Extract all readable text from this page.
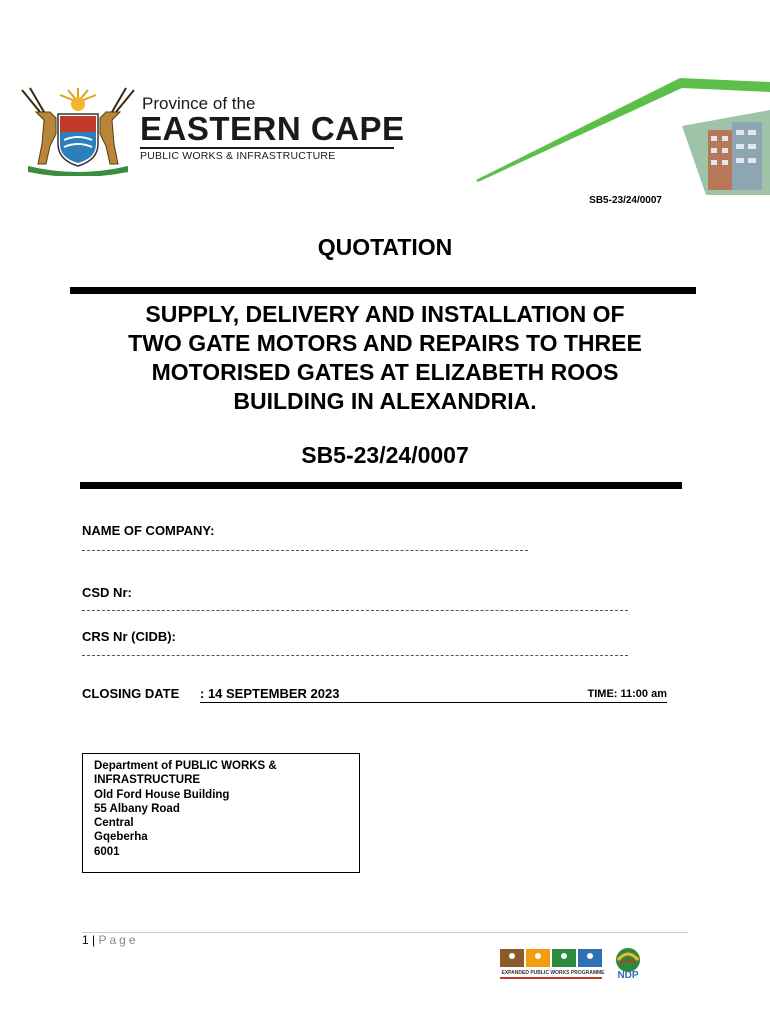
Province of the
EASTERN CAPE
PUBLIC WORKS & INFRASTRUCTURE
SB5-23/24/0007
QUOTATION
SUPPLY, DELIVERY AND INSTALLATION OF
TWO GATE MOTORS AND REPAIRS TO THREE
MOTORISED GATES AT ELIZABETH ROOS
BUILDING IN ALEXANDRIA.
SB5-23/24/0007
NAME OF COMPANY:
CSD Nr:
CRS Nr (CIDB):
CLOSING DATE : 14 SEPTEMBER 2023	TIME: 11:00 am
Department of PUBLIC WORKS &
INFRASTRUCTURE
Old Ford House Building
55 Albany Road
Central
Gqeberha
6001
1 | Page
EXPANDED PUBLIC WORKS PROGRAMME NDP
